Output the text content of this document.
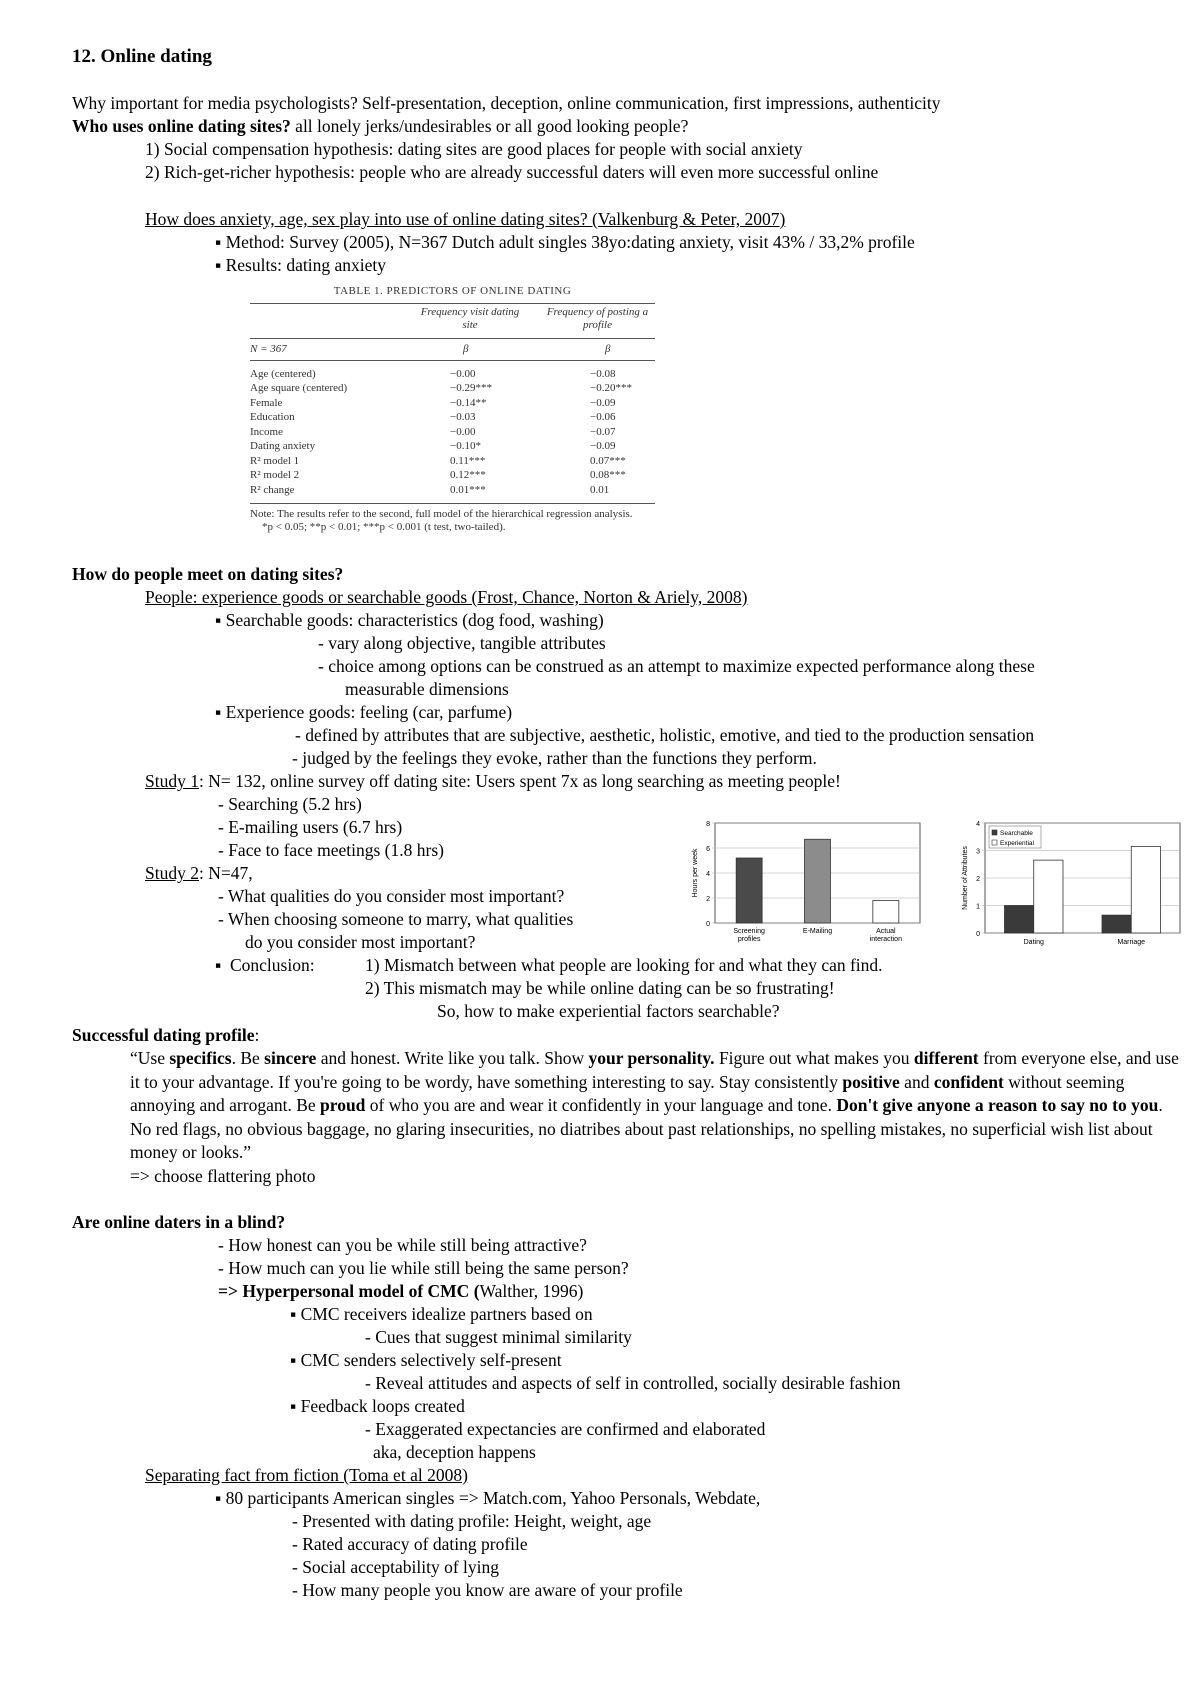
12. Online dating
Why important for media psychologists? Self-presentation, deception, online communication, first impressions, authenticity
Who uses online dating sites? all lonely jerks/undesirables or all good looking people?
1) Social compensation hypothesis: dating sites are good places for people with social anxiety
2) Rich-get-richer hypothesis: people who are already successful daters will even more successful online
How does anxiety, age, sex play into use of online dating sites? (Valkenburg & Peter, 2007)
▪ Method: Survey (2005), N=367 Dutch adult singles 38yo:dating anxiety, visit 43% / 33,2% profile
▪ Results: dating anxiety
TABLE 1. PREDICTORS OF ONLINE DATING
Frequency visit dating site
Frequency of posting a profile
N = 367	β	β
Age (centered)	−0.00	−0.08
Age square (centered)	−0.29***	−0.20***
Female	−0.14**	−0.09
Education	−0.03	−0.06
Income	−0.00	−0.07
Dating anxiety	−0.10*	−0.09
R² model 1	0.11***	0.07***
R² model 2	0.12***	0.08***
R² change	0.01***	0.01
Note: The results refer to the second, full model of the hierarchical regression analysis.
*p < 0.05; **p < 0.01; ***p < 0.001 (t test, two-tailed).
How do people meet on dating sites?
People: experience goods or searchable goods (Frost, Chance, Norton & Ariely, 2008)
▪ Searchable goods: characteristics (dog food, washing)
- vary along objective, tangible attributes
- choice among options can be construed as an attempt to maximize expected performance along these
measurable dimensions
▪ Experience goods: feeling (car, parfume)
- defined by attributes that are subjective, aesthetic, holistic, emotive, and tied to the production sensation
- judged by the feelings they evoke, rather than the functions they perform.
Study 1: N= 132, online survey off dating site: Users spent 7x as long searching as meeting people!
- Searching (5.2 hrs)
- E-mailing users (6.7 hrs)
- Face to face meetings (1.8 hrs)
Study 2: N=47,
- What qualities do you consider most important?
- When choosing someone to marry, what qualities
do you consider most important?
▪  Conclusion:	1) Mismatch between what people are looking for and what they can find.
2) This mismatch may be while online dating can be so frustrating!
So, how to make experiential factors searchable?
0
2
4
6
8
Hours per week
Screening
profiles
E-Mailing	Actual
interaction
0
1
2
3
4
Number of Attributes
Dating	Marriage
Searchable
Experiential
Successful dating profile:
“Use specifics. Be sincere and honest. Write like you talk. Show your personality. Figure out what makes you different from everyone else, and use it to your advantage. If you're going to be wordy, have something interesting to say. Stay consistently positive and confident without seeming annoying and arrogant. Be proud of who you are and wear it confidently in your language and tone. Don't give anyone a reason to say no to you. No red flags, no obvious baggage, no glaring insecurities, no diatribes about past relationships, no spelling mistakes, no superficial wish list about money or looks.”
=> choose flattering photo
Are online daters in a blind?
- How honest can you be while still being attractive?
- How much can you lie while still being the same person?
=> Hyperpersonal model of CMC (Walther, 1996)
▪ CMC receivers idealize partners based on
- Cues that suggest minimal similarity
▪ CMC senders selectively self-present
- Reveal attitudes and aspects of self in controlled, socially desirable fashion
▪ Feedback loops created
- Exaggerated expectancies are confirmed and elaborated
aka, deception happens
Separating fact from fiction (Toma et al 2008)
▪ 80 participants American singles => Match.com, Yahoo Personals, Webdate,
- Presented with dating profile: Height, weight, age
- Rated accuracy of dating profile
- Social acceptability of lying
- How many people you know are aware of your profile
